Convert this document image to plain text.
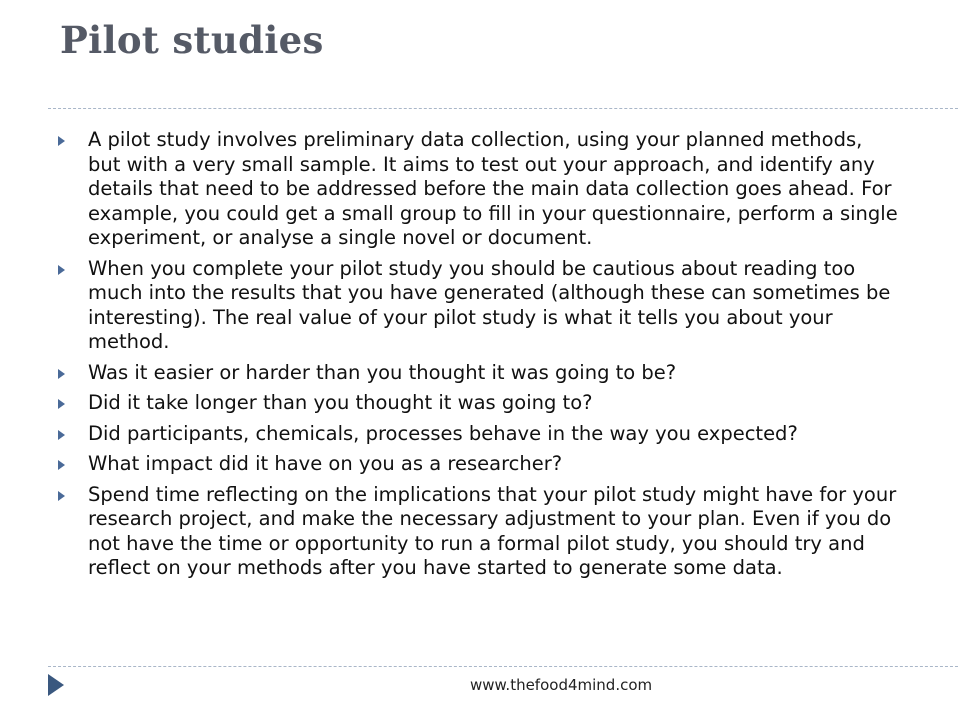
Pilot studies
A pilot study involves preliminary data collection, using your planned methods, but with a very small sample. It aims to test out your approach, and identify any details that need to be addressed before the main data collection goes ahead. For example, you could get a small group to fill in your questionnaire, perform a single experiment, or analyse a single novel or document.
When you complete your pilot study you should be cautious about reading too much into the results that you have generated (although these can sometimes be interesting). The real value of your pilot study is what it tells you about your method.
Was it easier or harder than you thought it was going to be?
Did it take longer than you thought it was going to?
Did participants, chemicals, processes behave in the way you expected?
What impact did it have on you as a researcher?
Spend time reflecting on the implications that your pilot study might have for your research project, and make the necessary adjustment to your plan. Even if you do not have the time or opportunity to run a formal pilot study, you should try and reflect on your methods after you have started to generate some data.
www.thefood4mind.com
